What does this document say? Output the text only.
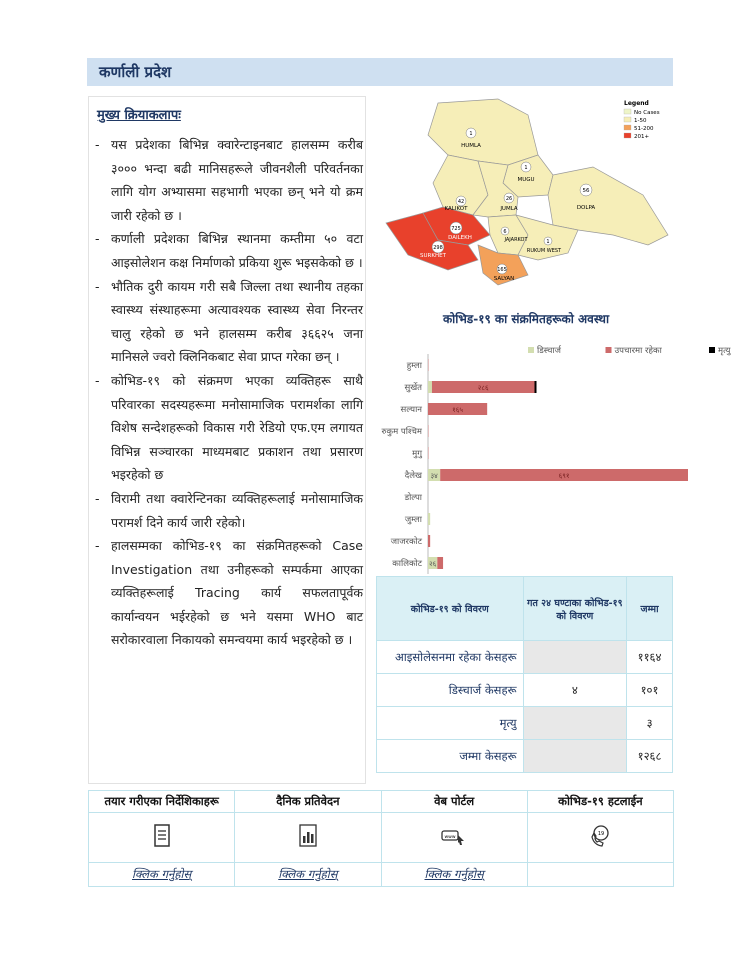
कर्णाली प्रदेश
मुख्य क्रियाकलापः
- यस प्रदेशका बिभिन्न क्वारेन्टाइनबाट हालसम्म करीब ३००० भन्दा बढी मानिसहरूले जीवनशैली परिवर्तनका लागि योग अभ्यासमा सहभागी भएका छन् भने यो क्रम जारी रहेको छ ।
- कर्णाली प्रदेशका बिभिन्न स्थानमा कम्तीमा ५० वटा आइसोलेशन कक्ष निर्माणको प्रकिया शुरू भइसकेको छ ।
- भौतिक दुरी कायम गरी सबै जिल्ला तथा स्थानीय तहका स्वास्थ्य संस्थाहरूमा अत्यावश्यक स्वास्थ्य सेवा निरन्तर चालु रहेको छ भने हालसम्म करीब ३६६२५ जना मानिसले ज्वरो क्लिनिकबाट सेवा प्राप्त गरेका छन् ।
- कोभिड-१९ को संक्रमण भएका व्यक्तिहरू साथै परिवारका सदस्यहरूमा मनोसामाजिक परामर्शका लागि विशेष सन्देशहरूको विकास गरी रेडियो एफ.एम लगायत विभिन्न सञ्चारका माध्यमबाट प्रकाशन तथा प्रसारण भइरहेको छ
- विरामी तथा क्वारेन्टिनका व्यक्तिहरूलाई मनोसामाजिक परामर्श दिने कार्य जारी रहेको।
- हालसम्मका कोभिड-१९ का संक्रमितहरूको Case Investigation तथा उनीहरूको सम्पर्कमा आएका व्यक्तिहरूलाई Tracing कार्य सफलतापूर्वक कार्यान्वयन भईरहेको छ भने यसमा WHO बाट सरोकारवाला निकायको समन्वयमा कार्य भइरहेको छ ।
1
HUMLA
1
MUGU
56
DOLPA
42
KALIKOT
26
JUMLA
725
DAILEKH
298
SURKHET
6
JAJARKOT	1
RUKUM WEST
165
SALYAN
Legend
No Cases
1-50
51-200
201+
कोभिड-१९ का संक्रमितहरूको अवस्था
डिस्चार्ज	उपचारमा रहेका	मृत्यु
हुम्ला
सुर्खेत	२८६
सल्यान	१६५
रुकुम पश्चिम
मुगु
दैलेख ३४	६९१
डोल्पा
जुम्ला
जाजरकोट
कालिकोट २६
कोभिड-१९ को विवरण	गत २४ घण्टाका कोभिड-१९ को विवरण	जम्मा
आइसोलेसनमा रहेका केसहरू		११६४
डिस्चार्ज केसहरू	४	१०१
मृत्यु		३
जम्मा केसहरू		१२६८
तयार गरीएका निर्देशिकाहरू	दैनिक प्रतिवेदन	वेब पोर्टल	कोभिड-१९ हटलाईन

www	19

क्लिक गर्नुहोस्	क्लिक गर्नुहोस्	क्लिक गर्नुहोस्	
